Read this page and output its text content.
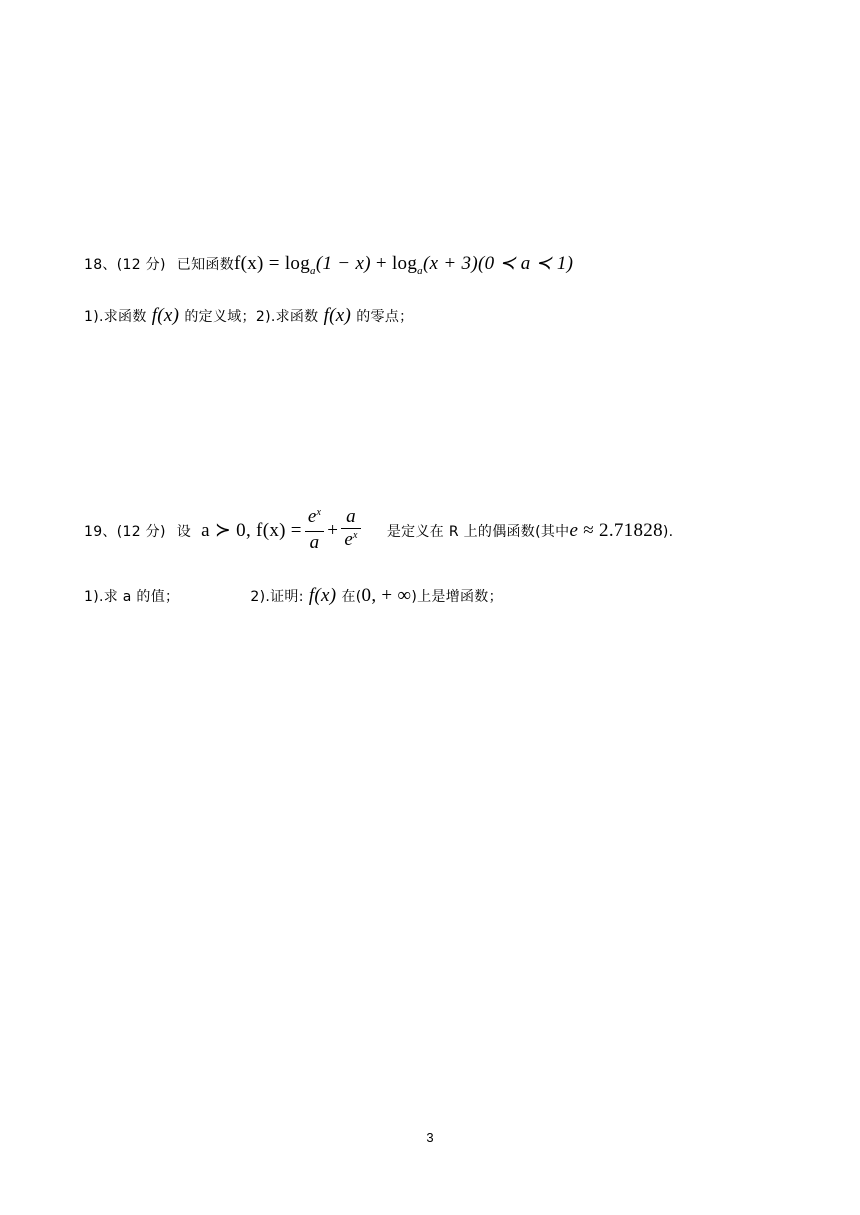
18、(12 分) 已知函数$f(x) = \log_a(1 - x) + \log_a(x + 3)(0$ ≺ a ≺ 1)
1).求函数 f(x) 的定义域；2).求函数 f(x) 的零点；
19、(12 分) 设 a ≻ 0, $f(x) = \frac{e^x}{a} + \frac{a}{e^x}$ 是定义在 R 上的偶函数(其中e ≈ 2.71828).
1).求 a 的值；	2).证明: f(x) 在(0, + ∞)上是增函数；
3
